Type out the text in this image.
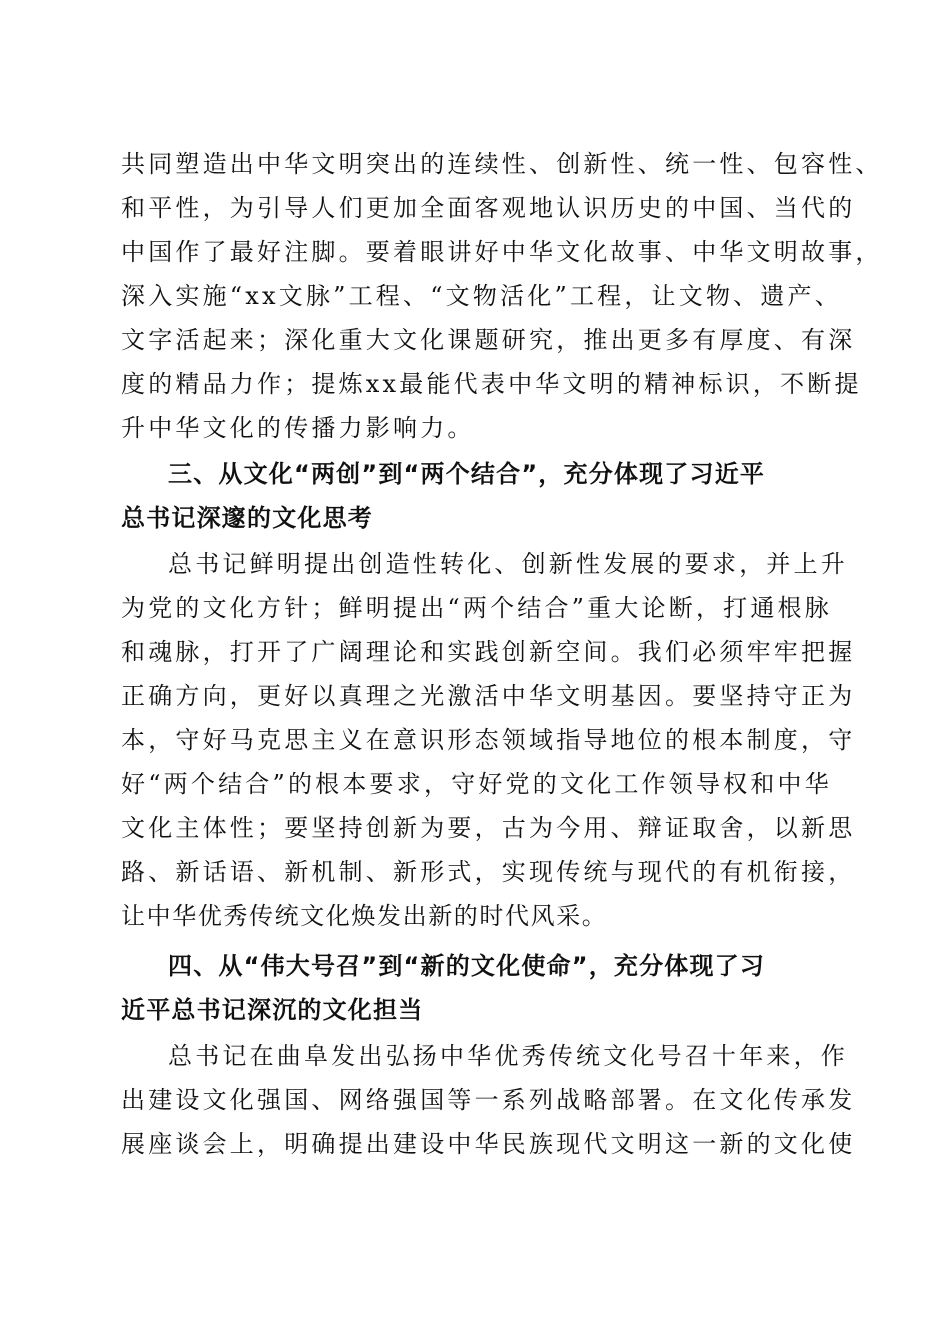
共同塑造出中华文明突出的连续性、创新性、统一性、包容性、
和平性，为引导人们更加全面客观地认识历史的中国、当代的
中国作了最好注脚。要着眼讲好中华文化故事、中华文明故事，
深入实施“xx文脉”工程、“文物活化”工程，让文物、遗产、
文字活起来；深化重大文化课题研究，推出更多有厚度、有深
度的精品力作；提炼xx最能代表中华文明的精神标识，不断提
升中华文化的传播力影响力。
三、从文化“两创”到“两个结合”，充分体现了习近平
总书记深邃的文化思考
总书记鲜明提出创造性转化、创新性发展的要求，并上升
为党的文化方针；鲜明提出“两个结合”重大论断，打通根脉
和魂脉，打开了广阔理论和实践创新空间。我们必须牢牢把握
正确方向，更好以真理之光激活中华文明基因。要坚持守正为
本，守好马克思主义在意识形态领域指导地位的根本制度，守
好“两个结合”的根本要求，守好党的文化工作领导权和中华
文化主体性；要坚持创新为要，古为今用、辩证取舍，以新思
路、新话语、新机制、新形式，实现传统与现代的有机衔接，
让中华优秀传统文化焕发出新的时代风采。
四、从“伟大号召”到“新的文化使命”，充分体现了习
近平总书记深沉的文化担当
总书记在曲阜发出弘扬中华优秀传统文化号召十年来，作
出建设文化强国、网络强国等一系列战略部署。在文化传承发
展座谈会上，明确提出建设中华民族现代文明这一新的文化使
